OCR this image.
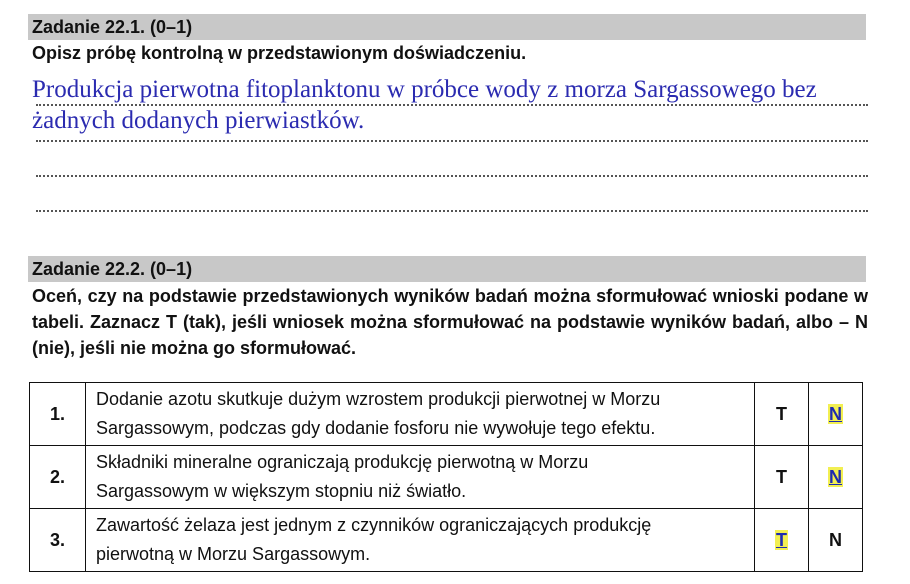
Zadanie 22.1. (0–1)
Opisz próbę kontrolną w przedstawionym doświadczeniu.
Produkcja pierwotna fitoplanktonu w próbce wody z morza Sargassowego bez
żadnych dodanych pierwiastków.
Zadanie 22.2. (0–1)
Oceń, czy na podstawie przedstawionych wyników badań można sformułować wnioski podane w tabeli. Zaznacz T (tak), jeśli wniosek można sformułować na podstawie wyników badań, albo – N (nie), jeśli nie można go sformułować.
1.	Dodanie azotu skutkuje dużym wzrostem produkcji pierwotnej w Morzu
Sargassowym, podczas gdy dodanie fosforu nie wywołuje tego efektu.	T	N
2.	Składniki mineralne ograniczają produkcję pierwotną w Morzu
Sargassowym w większym stopniu niż światło.	T	N
3.	Zawartość żelaza jest jednym z czynników ograniczających produkcję
pierwotną w Morzu Sargassowym.	T	N
